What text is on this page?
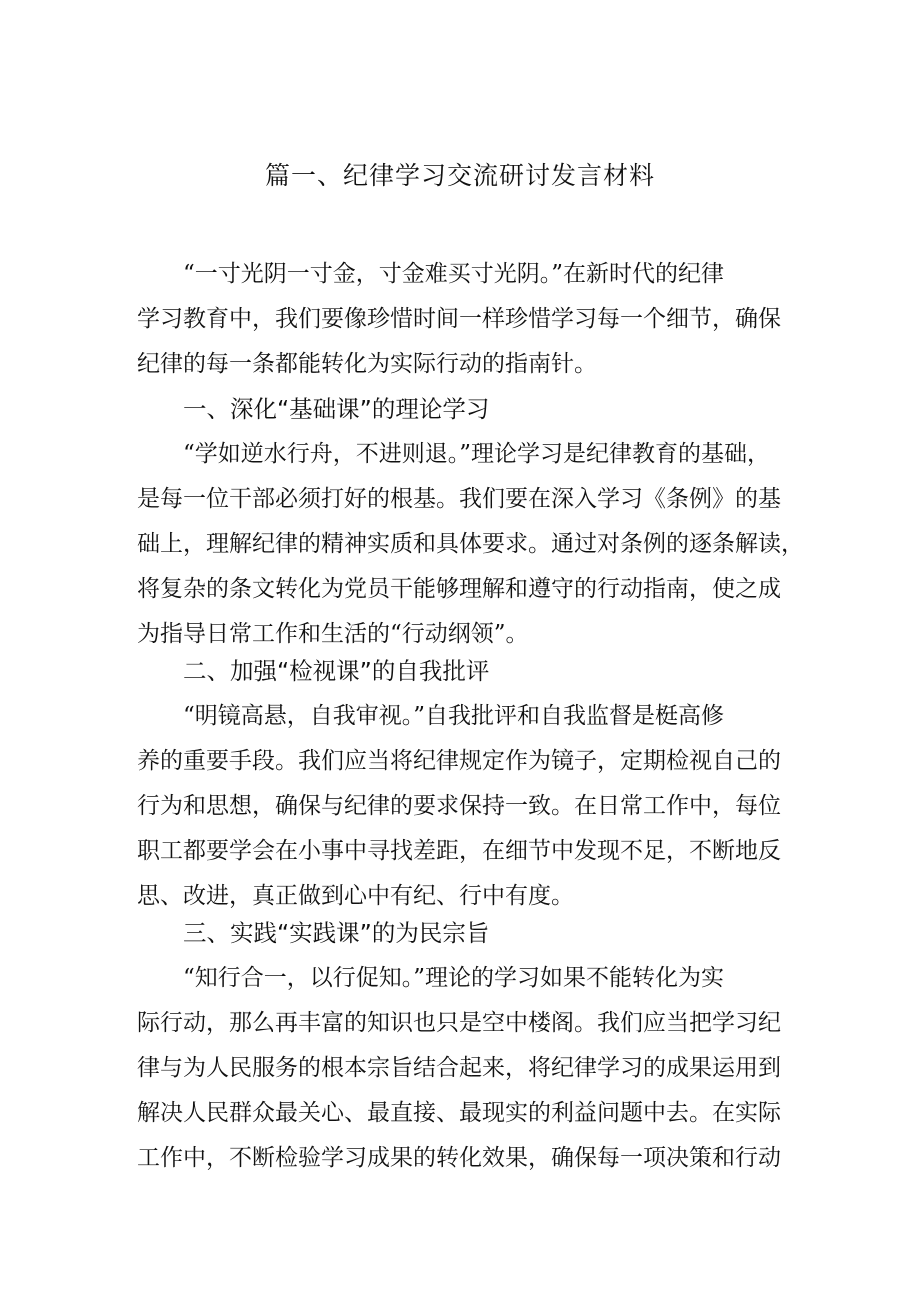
篇一、纪律学习交流研讨发言材料
“一寸光阴一寸金，寸金难买寸光阴。”在新时代的纪律
学习教育中，我们要像珍惜时间一样珍惜学习每一个细节，确保
纪律的每一条都能转化为实际行动的指南针。
一、深化“基础课”的理论学习
“学如逆水行舟，不进则退。”理论学习是纪律教育的基础，
是每一位干部必须打好的根基。我们要在深入学习《条例》的基
础上，理解纪律的精神实质和具体要求。通过对条例的逐条解读，
将复杂的条文转化为党员干能够理解和遵守的行动指南，使之成
为指导日常工作和生活的“行动纲领”。
二、加强“检视课”的自我批评
“明镜高悬，自我审视。”自我批评和自我监督是梃高修
养的重要手段。我们应当将纪律规定作为镜子，定期检视自己的
行为和思想，确保与纪律的要求保持一致。在日常工作中，每位
职工都要学会在小事中寻找差距，在细节中发现不足，不断地反
思、改进，真正做到心中有纪、行中有度。
三、实践“实践课”的为民宗旨
“知行合一，以行促知。”理论的学习如果不能转化为实
际行动，那么再丰富的知识也只是空中楼阁。我们应当把学习纪
律与为人民服务的根本宗旨结合起来，将纪律学习的成果运用到
解决人民群众最关心、最直接、最现实的利益问题中去。在实际
工作中，不断检验学习成果的转化效果，确保每一项决策和行动
